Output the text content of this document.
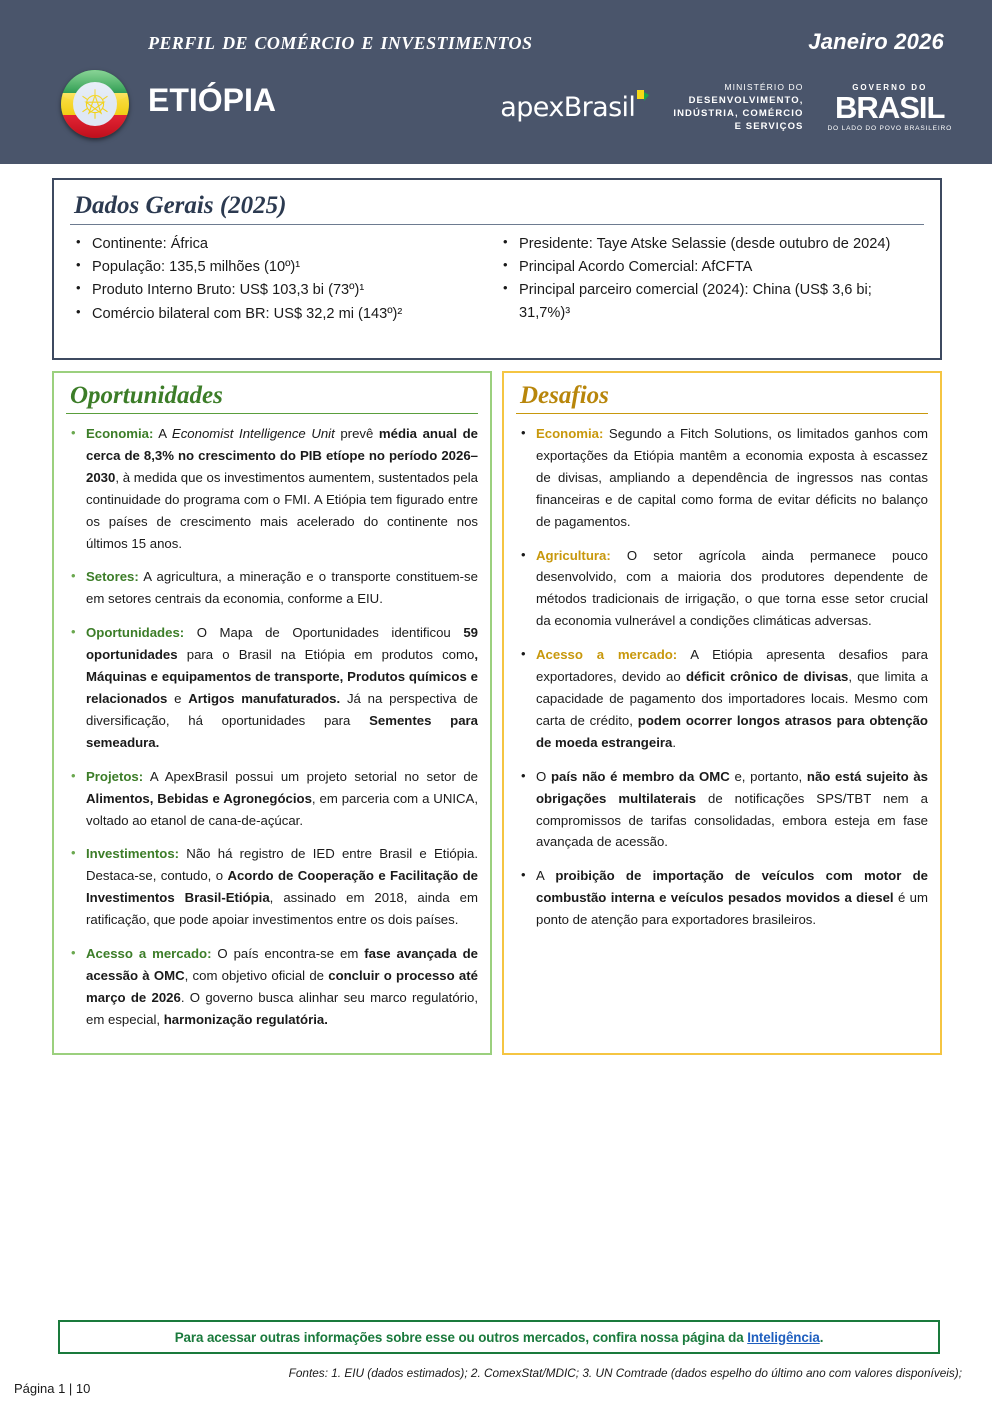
perfil de comércio e investimentos	Janeiro 2026
etiópia	apexBrasil
MINISTÉRIO DO
DESENVOLVIMENTO,
INDÚSTRIA, COMÉRCIO
E SERVIÇOS
GOVERNO DO
BRASIL
DO LADO DO POVO BRASILEIRO
Dados Gerais (2025)
• Continente: África
• População: 135,5 milhões (10º)¹
• Produto Interno Bruto: US$ 103,3 bi (73º)¹
• Comércio bilateral com BR: US$ 32,2 mi (143º)²
• Presidente: Taye Atske Selassie (desde outubro de 2024)
• Principal Acordo Comercial: AfCFTA
• Principal parceiro comercial (2024): China (US$ 3,6 bi; 31,7%)³
Oportunidades
• Economia: A Economist Intelligence Unit prevê média anual de cerca de 8,3% no crescimento do PIB etíope no período 2026–2030, à medida que os investimentos aumentem, sustentados pela continuidade do programa com o FMI. A Etiópia tem figurado entre os países de crescimento mais acelerado do continente nos últimos 15 anos.
• Setores: A agricultura, a mineração e o transporte constituem-se em setores centrais da economia, conforme a EIU.
• Oportunidades: O Mapa de Oportunidades identificou 59 oportunidades para o Brasil na Etiópia em produtos como, Máquinas e equipamentos de transporte, Produtos químicos e relacionados e Artigos manufaturados. Já na perspectiva de diversificação, há oportunidades para Sementes para semeadura.
• Projetos: A ApexBrasil possui um projeto setorial no setor de Alimentos, Bebidas e Agronegócios, em parceria com a UNICA, voltado ao etanol de cana-de-açúcar.
• Investimentos: Não há registro de IED entre Brasil e Etiópia. Destaca-se, contudo, o Acordo de Cooperação e Facilitação de Investimentos Brasil-Etiópia, assinado em 2018, ainda em ratificação, que pode apoiar investimentos entre os dois países.
• Acesso a mercado: O país encontra-se em fase avançada de acessão à OMC, com objetivo oficial de concluir o processo até março de 2026. O governo busca alinhar seu marco regulatório, em especial, harmonização regulatória.
Desafios
• Economia: Segundo a Fitch Solutions, os limitados ganhos com exportações da Etiópia mantêm a economia exposta à escassez de divisas, ampliando a dependência de ingressos nas contas financeiras e de capital como forma de evitar déficits no balanço de pagamentos.
• Agricultura: O setor agrícola ainda permanece pouco desenvolvido, com a maioria dos produtores dependente de métodos tradicionais de irrigação, o que torna esse setor crucial da economia vulnerável a condições climáticas adversas.
• Acesso a mercado: A Etiópia apresenta desafios para exportadores, devido ao déficit crônico de divisas, que limita a capacidade de pagamento dos importadores locais. Mesmo com carta de crédito, podem ocorrer longos atrasos para obtenção de moeda estrangeira.
• O país não é membro da OMC e, portanto, não está sujeito às obrigações multilaterais de notificações SPS/TBT nem a compromissos de tarifas consolidadas, embora esteja em fase avançada de acessão.
• A proibição de importação de veículos com motor de combustão interna e veículos pesados movidos a diesel é um ponto de atenção para exportadores brasileiros.
Para acessar outras informações sobre esse ou outros mercados, confira nossa página da Inteligência.
Fontes: 1. EIU (dados estimados); 2. ComexStat/MDIC; 3. UN Comtrade (dados espelho do último ano com valores disponíveis);
Página 1 | 10
